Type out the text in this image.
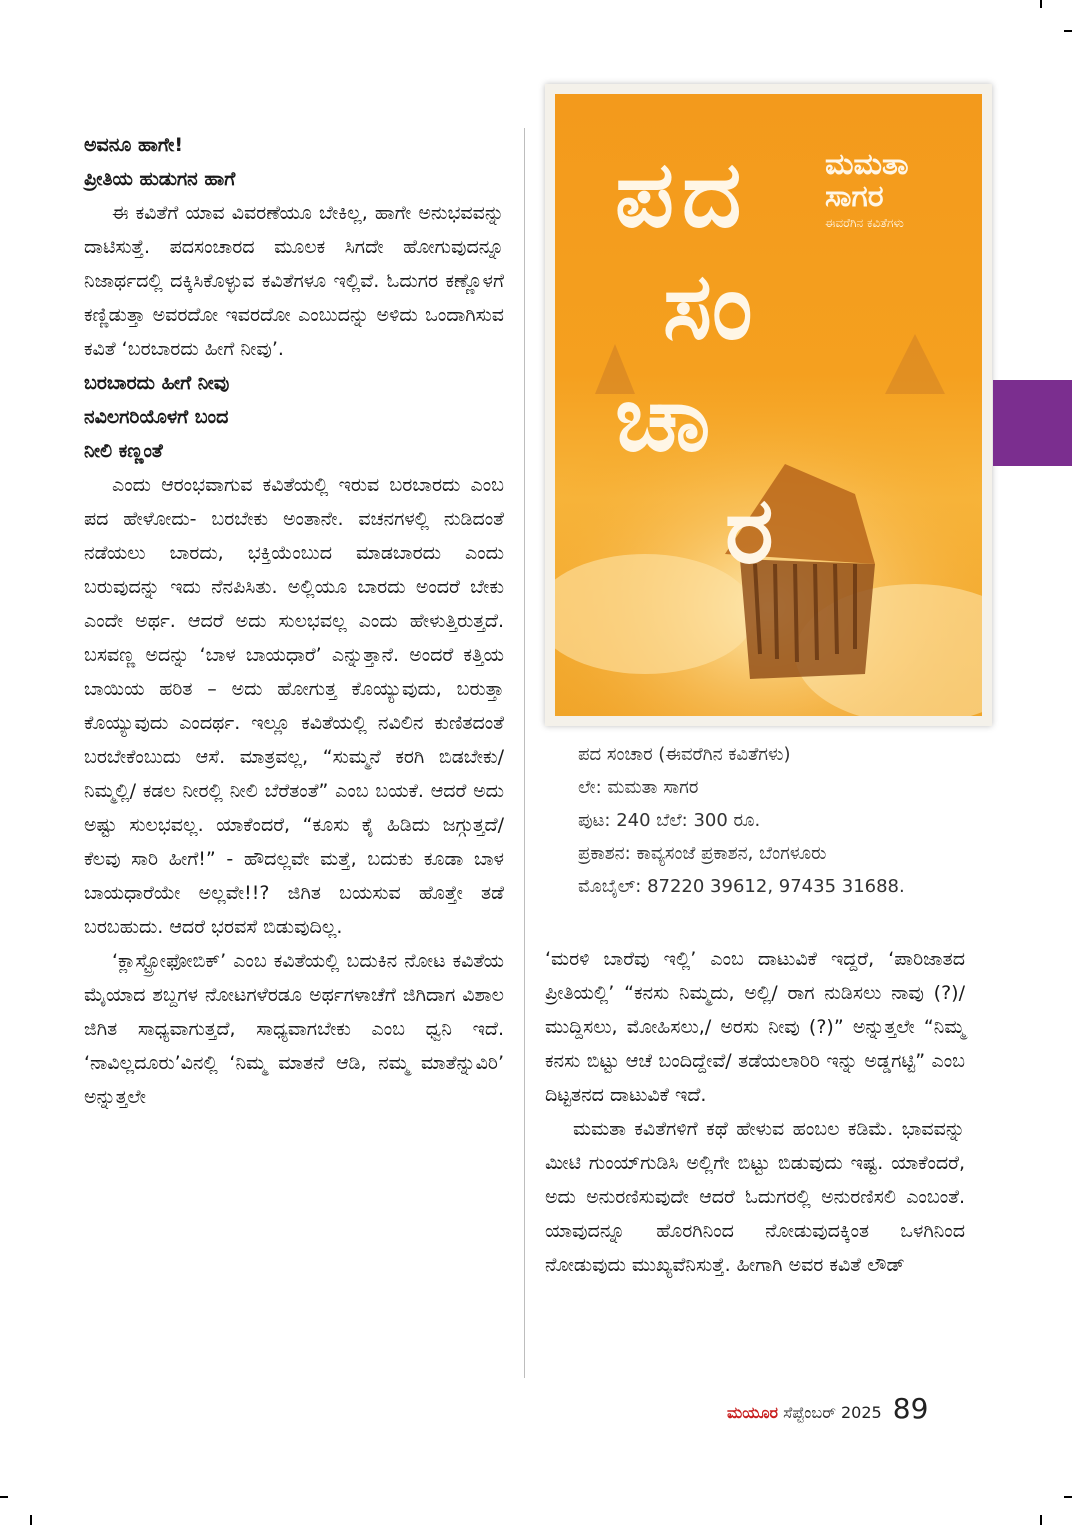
ಅವನೂ ಹಾಗೇ!

ಪ್ರೀತಿಯ ಹುಡುಗನ ಹಾಗೆ

ಈ ಕವಿತೆಗೆ ಯಾವ ವಿವರಣೆಯೂ ಬೇಕಿಲ್ಲ, ಹಾಗೇ ಅನುಭವವನ್ನು ದಾಟಿಸುತ್ತೆ. ಪದಸಂಚಾರದ ಮೂಲಕ ಸಿಗದೇ ಹೋಗುವುದನ್ನೂ ನಿಜಾರ್ಥದಲ್ಲಿ ದಕ್ಕಿಸಿಕೊಳ್ಳುವ ಕವಿತೆಗಳೂ ಇಲ್ಲಿವೆ. ಓದುಗರ ಕಣ್ಣೊಳಗೆ ಕಣ್ಣಿಡುತ್ತಾ ಅವರದೋ ಇವರದೋ ಎಂಬುದನ್ನು ಅಳಿದು ಒಂದಾಗಿಸುವ ಕವಿತೆ ‘ಬರಬಾರದು ಹೀಗೆ ನೀವು’.

ಬರಬಾರದು ಹೀಗೆ ನೀವು

ನವಿಲಗರಿಯೊಳಗೆ ಬಂದ

ನೀಲಿ ಕಣ್ಣಂತೆ

ಎಂದು ಆರಂಭವಾಗುವ ಕವಿತೆಯಲ್ಲಿ ಇರುವ ಬರಬಾರದು ಎಂಬ ಪದ ಹೇಳೋದು- ಬರಬೇಕು ಅಂತಾನೇ. ವಚನಗಳಲ್ಲಿ ನುಡಿದಂತೆ ನಡೆಯಲು ಬಾರದು, ಭಕ್ತಿಯೆಂಬುದ ಮಾಡಬಾರದು ಎಂದು ಬರುವುದನ್ನು ಇದು ನೆನಪಿಸಿತು. ಅಲ್ಲಿಯೂ ಬಾರದು ಅಂದರೆ ಬೇಕು ಎಂದೇ ಅರ್ಥ. ಆದರೆ ಅದು ಸುಲಭವಲ್ಲ ಎಂದು ಹೇಳುತ್ತಿರುತ್ತದೆ. ಬಸವಣ್ಣ ಅದನ್ನು ‘ಬಾಳ ಬಾಯಧಾರೆ’ ಎನ್ನುತ್ತಾನೆ. ಅಂದರೆ ಕತ್ತಿಯ ಬಾಯಿಯ ಹರಿತ – ಅದು ಹೋಗುತ್ತ ಕೊಯ್ಯುವುದು, ಬರುತ್ತಾ ಕೊಯ್ಯುವುದು ಎಂದರ್ಥ. ಇಲ್ಲೂ ಕವಿತೆಯಲ್ಲಿ ನವಿಲಿನ ಕುಣಿತದಂತೆ ಬರಬೇಕೆಂಬುದು ಆಸೆ. ಮಾತ್ರವಲ್ಲ, “ಸುಮ್ಮನೆ ಕರಗಿ ಬಿಡಬೇಕು/ ನಿಮ್ಮಲ್ಲಿ/ ಕಡಲ ನೀರಲ್ಲಿ ನೀಲಿ ಬೆರೆತಂತೆ” ಎಂಬ ಬಯಕೆ. ಆದರೆ ಅದು ಅಷ್ಟು ಸುಲಭವಲ್ಲ. ಯಾಕೆಂದರೆ, “ಕೂಸು ಕೈ ಹಿಡಿದು ಜಗ್ಗುತ್ತದೆ/ ಕೆಲವು ಸಾರಿ ಹೀಗೆ!” - ಹೌದಲ್ಲವೇ ಮತ್ತೆ, ಬದುಕು ಕೂಡಾ ಬಾಳ ಬಾಯಧಾರೆಯೇ ಅಲ್ಲವೇ!!? ಜಿಗಿತ ಬಯಸುವ ಹೊತ್ತೇ ತಡೆ ಬರಬಹುದು. ಆದರೆ ಭರವಸೆ ಬಿಡುವುದಿಲ್ಲ.

‘ಕ್ಲಾಸ್ಟ್ರೋಫೋಬಿಕ್’ ಎಂಬ ಕವಿತೆಯಲ್ಲಿ ಬದುಕಿನ ನೋಟ ಕವಿತೆಯ ಮೈಯಾದ ಶಬ್ದಗಳ ನೋಟಗಳೆರಡೂ ಅರ್ಥಗಳಾಚೆಗೆ ಜಿಗಿದಾಗ ವಿಶಾಲ ಜಿಗಿತ ಸಾಧ್ಯವಾಗುತ್ತದೆ, ಸಾಧ್ಯವಾಗಬೇಕು ಎಂಬ ಧ್ವನಿ ಇದೆ. ‘ನಾವಿಲ್ಲದೂರು’ವಿನಲ್ಲಿ ‘ನಿಮ್ಮ ಮಾತನೆ ಆಡಿ, ನಮ್ಮ ಮಾತೆನ್ನುವಿರಿ’ ಅನ್ನುತ್ತಲೇ

ಪದ
ಸಂ
ಚಾ
ರ
ಮಮತಾ
ಸಾಗರ
ಈವರೆಗಿನ ಕವಿತೆಗಳು
ಪದ ಸಂಚಾರ (ಈವರೆಗಿನ ಕವಿತೆಗಳು)
ಲೇ: ಮಮತಾ ಸಾಗರ
ಪುಟ: 240 ಬೆಲೆ: 300 ರೂ.
ಪ್ರಕಾಶನ: ಕಾವ್ಯಸಂಜೆ ಪ್ರಕಾಶನ, ಬೆಂಗಳೂರು
ಮೊಬೈಲ್: 87220 39612, 97435 31688.

‘ಮರಳಿ ಬಾರೆವು ಇಲ್ಲಿ’ ಎಂಬ ದಾಟುವಿಕೆ ಇದ್ದರೆ, ‘ಪಾರಿಜಾತದ ಪ್ರೀತಿಯಲ್ಲಿ’ “ಕನಸು ನಿಮ್ಮದು, ಅಲ್ಲಿ/ ರಾಗ ನುಡಿಸಲು ನಾವು (?)/ ಮುದ್ದಿಸಲು, ಮೋಹಿಸಲು,/ ಅರಸು ನೀವು (?)” ಅನ್ನುತ್ತಲೇ “ನಿಮ್ಮ ಕನಸು ಬಿಟ್ಟು ಆಚೆ ಬಂದಿದ್ದೇವೆ/ ತಡೆಯಲಾರಿರಿ ಇನ್ನು ಅಡ್ಡಗಟ್ಟಿ” ಎಂಬ ದಿಟ್ಟತನದ ದಾಟುವಿಕೆ ಇದೆ.

ಮಮತಾ ಕವಿತೆಗಳಿಗೆ ಕಥೆ ಹೇಳುವ ಹಂಬಲ ಕಡಿಮೆ. ಭಾವವನ್ನು ಮೀಟಿ ಗುಂಯ್‌ಗುಡಿಸಿ ಅಲ್ಲಿಗೇ ಬಿಟ್ಟು ಬಿಡುವುದು ಇಷ್ಟ. ಯಾಕೆಂದರೆ, ಅದು ಅನುರಣಿಸುವುದೇ ಆದರೆ ಓದುಗರಲ್ಲಿ ಅನುರಣಿಸಲಿ ಎಂಬಂತೆ. ಯಾವುದನ್ನೂ ಹೊರಗಿನಿಂದ ನೋಡುವುದಕ್ಕಿಂತ ಒಳಗಿನಿಂದ ನೋಡುವುದು ಮುಖ್ಯವೆನಿಸುತ್ತೆ. ಹೀಗಾಗಿ ಅವರ ಕವಿತೆ ಲೌಡ್

ಮಯೂರ ಸೆಪ್ಟೆಂಬರ್ 2025 89
